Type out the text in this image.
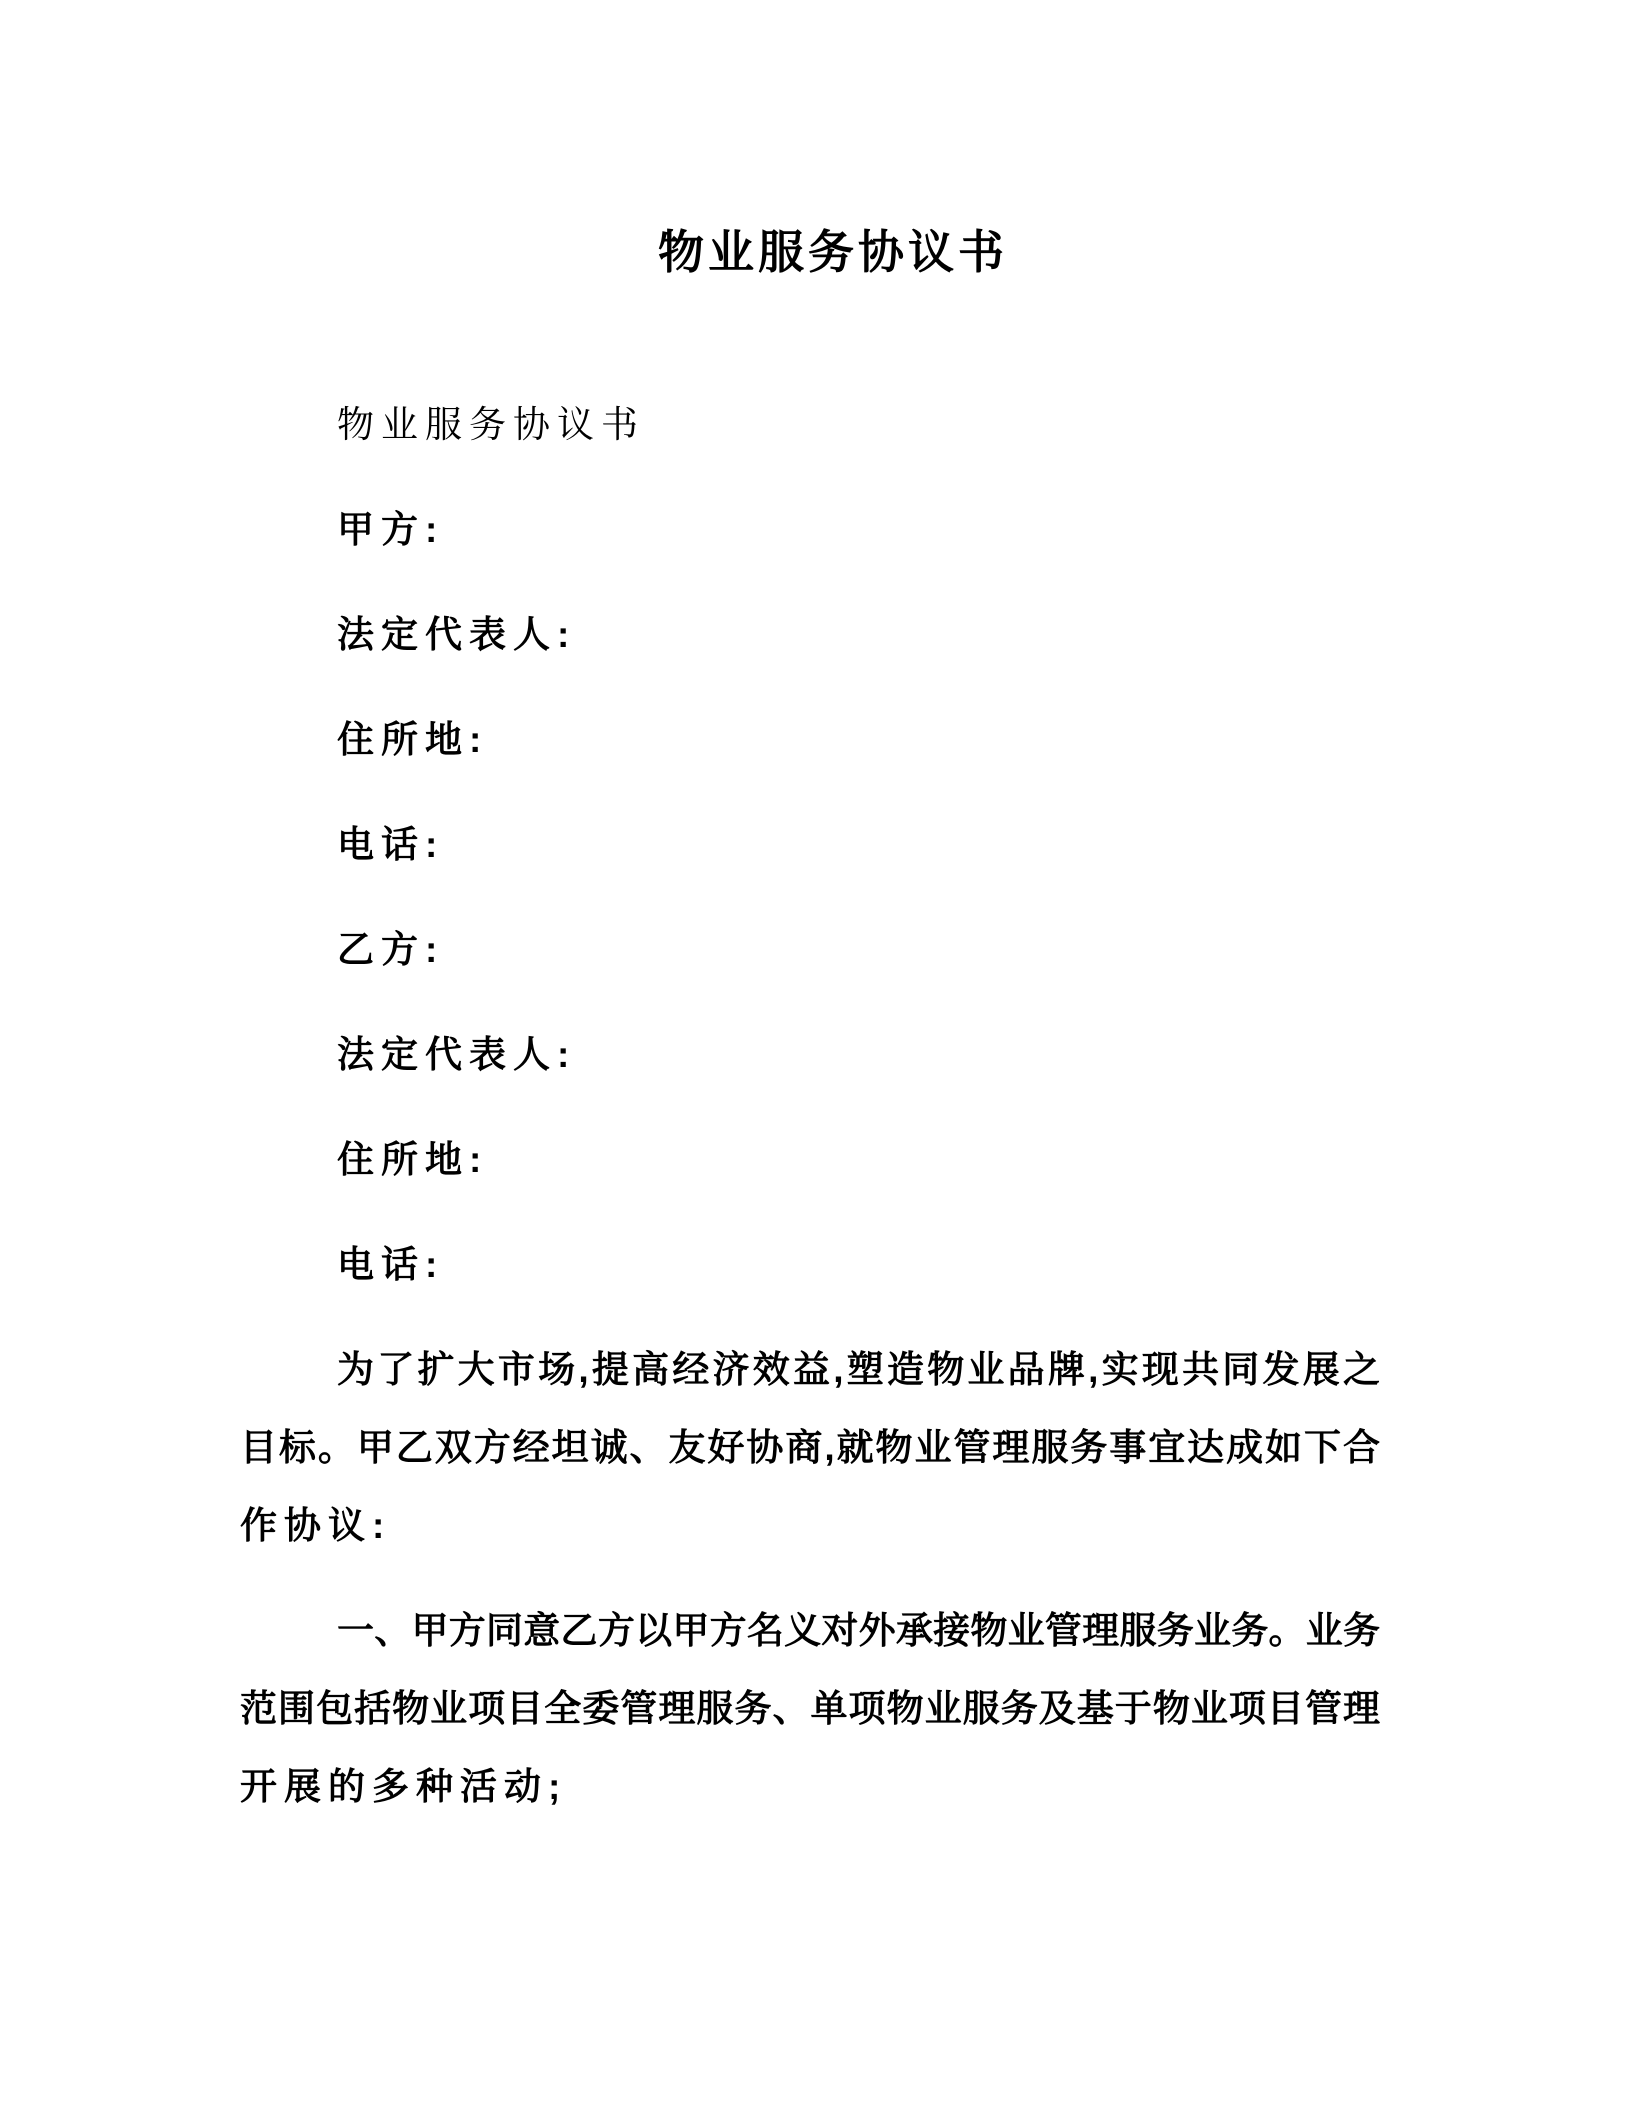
物业服务协议书
物业服务协议书
甲方:
法定代表人:
住所地:
电话:
乙方:
法定代表人:
住所地:
电话:
为了扩大市场,提高经济效益,塑造物业品牌,实现共同发展之
目标。甲乙双方经坦诚、友好协商,就物业管理服务事宜达成如下合
作协议:
一、甲方同意乙方以甲方名义对外承接物业管理服务业务。业务
范围包括物业项目全委管理服务、单项物业服务及基于物业项目管理
开展的多种活动;
